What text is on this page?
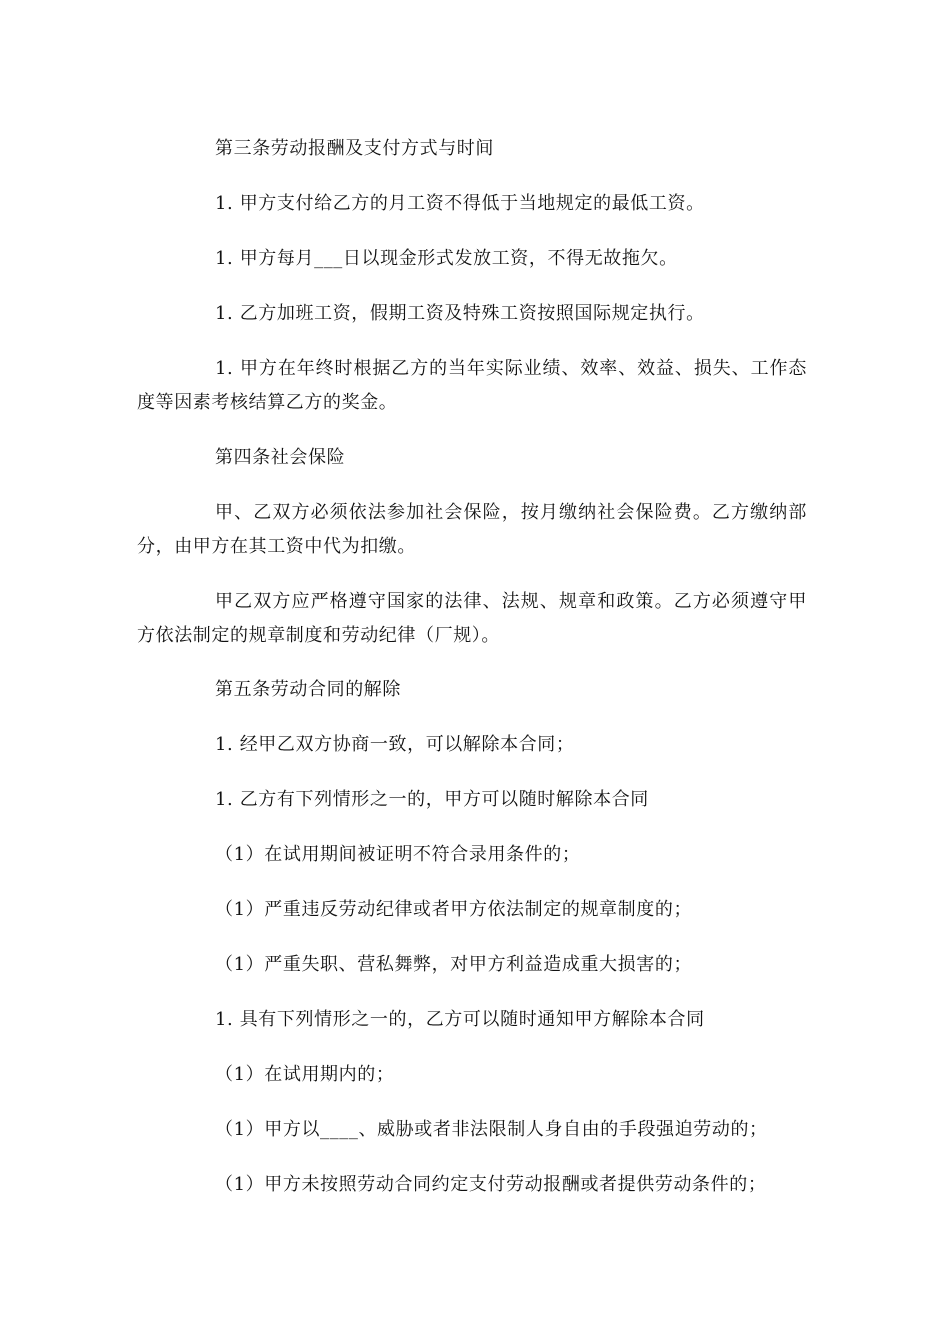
第三条劳动报酬及支付方式与时间

1. 甲方支付给乙方的月工资不得低于当地规定的最低工资。

1. 甲方每月___日以现金形式发放工资，不得无故拖欠。

1. 乙方加班工资，假期工资及特殊工资按照国际规定执行。

1. 甲方在年终时根据乙方的当年实际业绩、效率、效益、损失、工作态度等因素考核结算乙方的奖金。

第四条社会保险

甲、乙双方必须依法参加社会保险，按月缴纳社会保险费。乙方缴纳部分，由甲方在其工资中代为扣缴。

甲乙双方应严格遵守国家的法律、法规、规章和政策。乙方必须遵守甲方依法制定的规章制度和劳动纪律（厂规）。

第五条劳动合同的解除

1. 经甲乙双方协商一致，可以解除本合同；

1. 乙方有下列情形之一的，甲方可以随时解除本合同

（1）在试用期间被证明不符合录用条件的；

（1）严重违反劳动纪律或者甲方依法制定的规章制度的；

（1）严重失职、营私舞弊，对甲方利益造成重大损害的；

1. 具有下列情形之一的，乙方可以随时通知甲方解除本合同

（1）在试用期内的；

（1）甲方以____、威胁或者非法限制人身自由的手段强迫劳动的；

（1）甲方未按照劳动合同约定支付劳动报酬或者提供劳动条件的；
